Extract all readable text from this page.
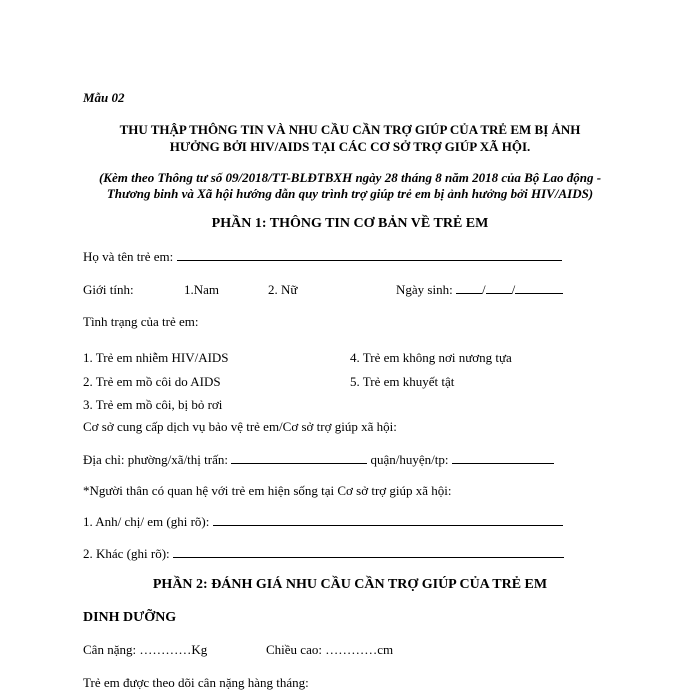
Mẫu 02
THU THẬP THÔNG TIN VÀ NHU CẦU CẦN TRỢ GIÚP CỦA TRẺ EM BỊ ẢNH
HƯỞNG BỞI HIV/AIDS TẠI CÁC CƠ SỞ TRỢ GIÚP XÃ HỘI.
(Kèm theo Thông tư số 09/2018/TT-BLĐTBXH ngày 28 tháng 8 năm 2018 của Bộ Lao động -
Thương binh và Xã hội hướng dẫn quy trình trợ giúp trẻ em bị ảnh hưởng bởi HIV/AIDS)
PHẦN 1: THÔNG TIN CƠ BẢN VỀ TRẺ EM
Họ và tên trẻ em:
Giới tính:	1.Nam	2. Nữ	Ngày sinh: / /
Tình trạng của trẻ em:
1. Trẻ em nhiễm HIV/AIDS	4. Trẻ em không nơi nương tựa
2. Trẻ em mồ côi do AIDS	5. Trẻ em khuyết tật
3. Trẻ em mồ côi, bị bỏ rơi
Cơ sở cung cấp dịch vụ bảo vệ trẻ em/Cơ sở trợ giúp xã hội:
Địa chỉ: phường/xã/thị trấn:	quận/huyện/tp:
*Người thân có quan hệ với trẻ em hiện sống tại Cơ sở trợ giúp xã hội:
1. Anh/ chị/ em (ghi rõ):
2. Khác (ghi rõ):
PHẦN 2: ĐÁNH GIÁ NHU CẦU CẦN TRỢ GIÚP CỦA TRẺ EM
DINH DƯỠNG
Cân nặng: …………Kg	Chiều cao: …………cm
Trẻ em được theo dõi cân nặng hàng tháng:
